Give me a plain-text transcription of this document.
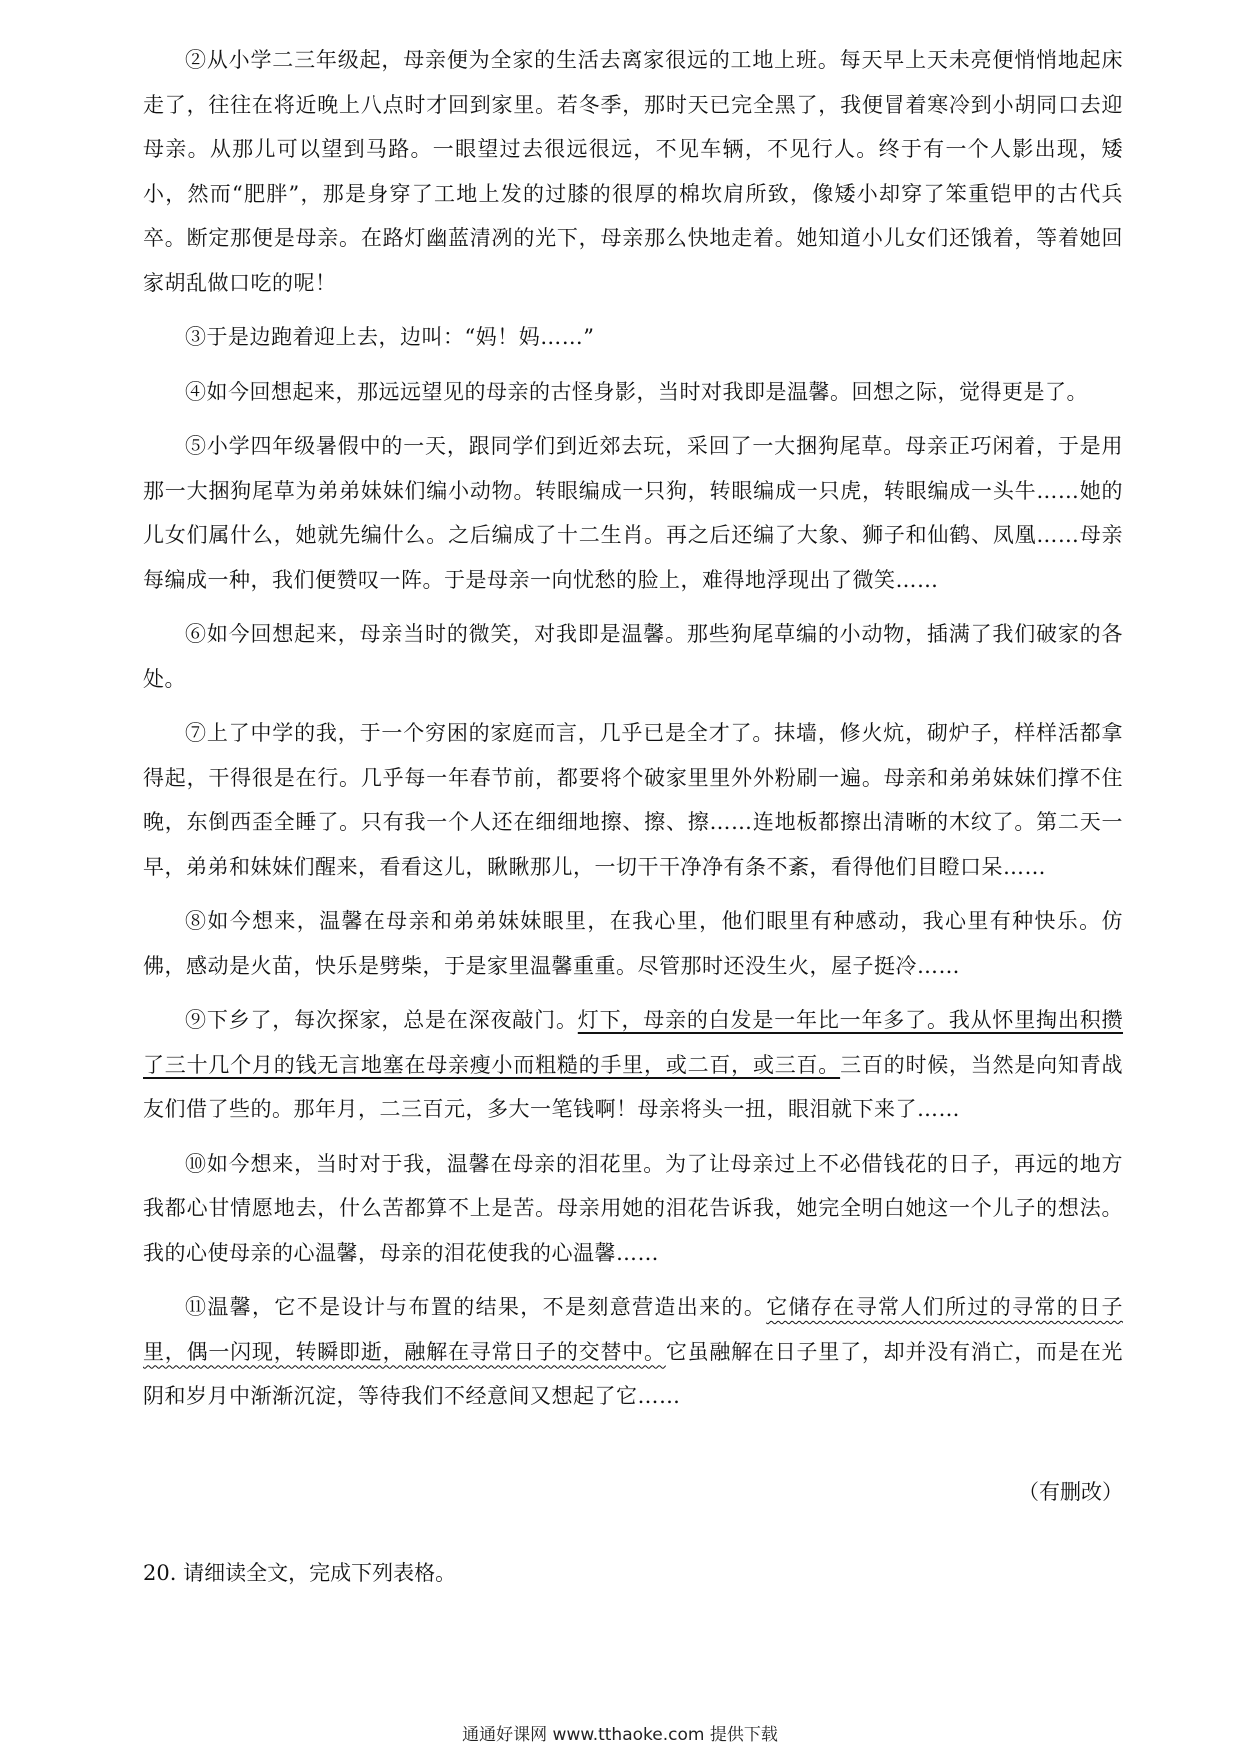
②从小学二三年级起，母亲便为全家的生活去离家很远的工地上班。每天早上天未亮便悄悄地起床走了，往往在将近晚上八点时才回到家里。若冬季，那时天已完全黑了，我便冒着寒冷到小胡同口去迎母亲。从那儿可以望到马路。一眼望过去很远很远，不见车辆，不见行人。终于有一个人影出现，矮小，然而“肥胖”，那是身穿了工地上发的过膝的很厚的棉坎肩所致，像矮小却穿了笨重铠甲的古代兵卒。断定那便是母亲。在路灯幽蓝清冽的光下，母亲那么快地走着。她知道小儿女们还饿着，等着她回家胡乱做口吃的呢！

③于是边跑着迎上去，边叫：“妈！妈……”

④如今回想起来，那远远望见的母亲的古怪身影，当时对我即是温馨。回想之际，觉得更是了。

⑤小学四年级暑假中的一天，跟同学们到近郊去玩，采回了一大捆狗尾草。母亲正巧闲着，于是用那一大捆狗尾草为弟弟妹妹们编小动物。转眼编成一只狗，转眼编成一只虎，转眼编成一头牛……她的儿女们属什么，她就先编什么。之后编成了十二生肖。再之后还编了大象、狮子和仙鹤、凤凰……母亲每编成一种，我们便赞叹一阵。于是母亲一向忧愁的脸上，难得地浮现出了微笑……

⑥如今回想起来，母亲当时的微笑，对我即是温馨。那些狗尾草编的小动物，插满了我们破家的各处。

⑦上了中学的我，于一个穷困的家庭而言，几乎已是全才了。抹墙，修火炕，砌炉子，样样活都拿得起，干得很是在行。几乎每一年春节前，都要将个破家里里外外粉刷一遍。母亲和弟弟妹妹们撑不住晚，东倒西歪全睡了。只有我一个人还在细细地擦、擦、擦……连地板都擦出清晰的木纹了。第二天一早，弟弟和妹妹们醒来，看看这儿，瞅瞅那儿，一切干干净净有条不紊，看得他们目瞪口呆……

⑧如今想来，温馨在母亲和弟弟妹妹眼里，在我心里，他们眼里有种感动，我心里有种快乐。仿佛，感动是火苗，快乐是劈柴，于是家里温馨重重。尽管那时还没生火，屋子挺冷……

⑨下乡了，每次探家，总是在深夜敲门。灯下，母亲的白发是一年比一年多了。我从怀里掏出积攒了三十几个月的钱无言地塞在母亲瘦小而粗糙的手里，或二百，或三百。三百的时候，当然是向知青战友们借了些的。那年月，二三百元，多大一笔钱啊！母亲将头一扭，眼泪就下来了……

⑩如今想来，当时对于我，温馨在母亲的泪花里。为了让母亲过上不必借钱花的日子，再远的地方我都心甘情愿地去，什么苦都算不上是苦。母亲用她的泪花告诉我，她完全明白她这一个儿子的想法。我的心使母亲的心温馨，母亲的泪花使我的心温馨……

⑪温馨，它不是设计与布置的结果，不是刻意营造出来的。它储存在寻常人们所过的寻常的日子里，偶一闪现，转瞬即逝，融解在寻常日子的交替中。它虽融解在日子里了，却并没有消亡，而是在光阴和岁月中渐渐沉淀，等待我们不经意间又想起了它……

（有删改）
20. 请细读全文，完成下列表格。
通通好课网 www.tthaoke.com 提供下载
